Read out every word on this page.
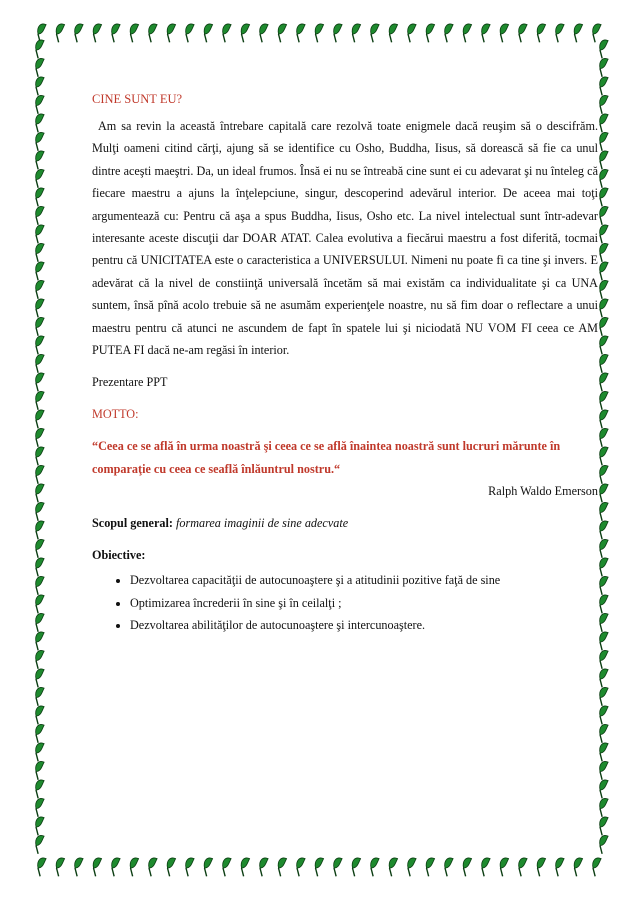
CINE SUNT EU?

Am sa revin la această întrebare capitală care rezolvă toate enigmele dacă reuşim să o descifrăm. Mulţi oameni citind cărţi, ajung să se identifice cu Osho, Buddha, Iisus, să dorească să fie ca unul dintre aceşti maeştri. Da, un ideal frumos. Însă ei nu se întreabă cine sunt ei cu adevarat şi nu înteleg că fiecare maestru a ajuns la înţelepciune, singur, descoperind adevărul interior. De aceea mai toţi argumentează cu: Pentru că aşa a spus Buddha, Iisus, Osho etc. La nivel intelectual sunt într-adevar interesante aceste discuţii dar DOAR ATAT. Calea evolutiva a fiecărui maestru a fost diferită, tocmai pentru că UNICITATEA este o caracteristica a UNIVERSULUI. Nimeni nu poate fi ca tine şi invers. E adevărat că la nivel de constiinţă universală încetăm să mai existăm ca individualitate şi ca UNA suntem, însă pînă acolo trebuie să ne asumăm experienţele noastre, nu să fim doar o reflectare a unui maestru pentru că atunci ne ascundem de fapt în spatele lui şi niciodată NU VOM FI ceea ce AM PUTEA FI dacă ne-am regăsi în interior.

Prezentare PPT

MOTTO:

“Ceea ce se află în urma noastră şi ceea ce se află înaintea noastră sunt lucruri mărunte în comparaţie cu ceea ce seaflă înlăuntrul nostru.“

Ralph Waldo Emerson

Scopul general: formarea imaginii de sine adecvate

Obiective:

• Dezvoltarea capacităţii de autocunoaştere şi a atitudinii pozitive faţă de sine
• Optimizarea încrederii în sine şi în ceilalţi ;
• Dezvoltarea abilităţilor de autocunoaştere şi intercunoaştere.
